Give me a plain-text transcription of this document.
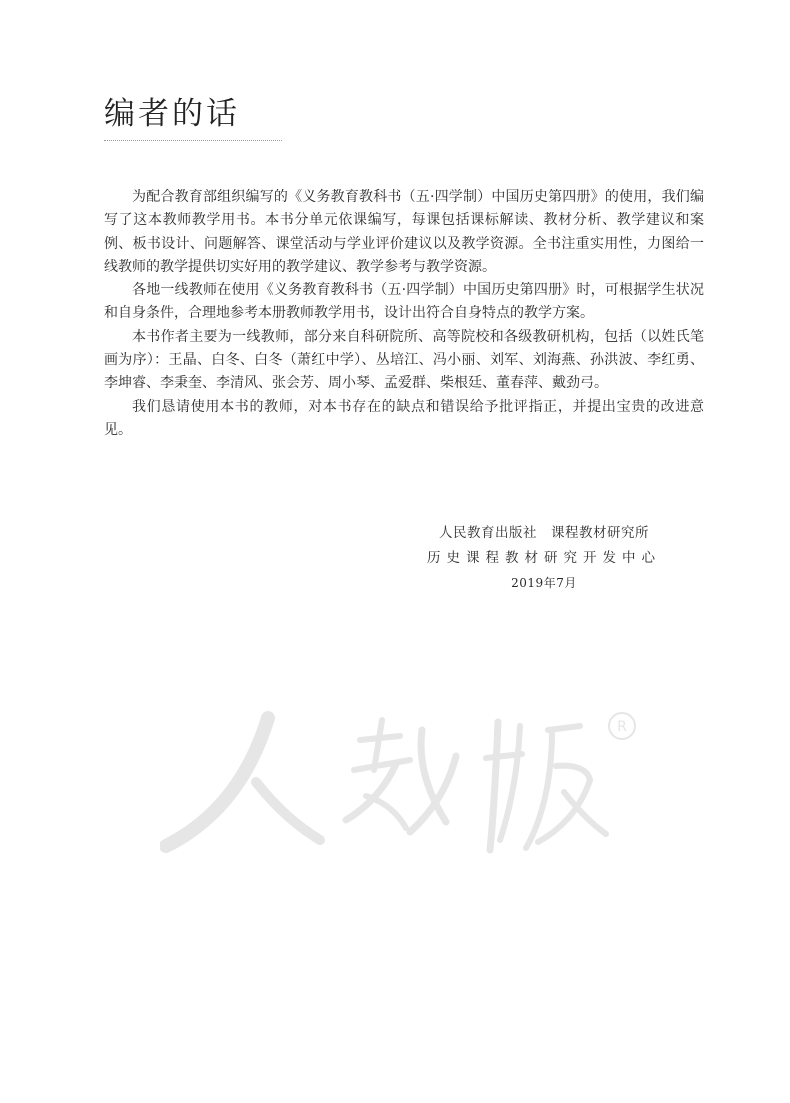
编者的话

为配合教育部组织编写的《义务教育教科书（五·四学制）中国历史第四册》的使用，我们编写了这本教师教学用书。本书分单元依课编写，每课包括课标解读、教材分析、教学建议和案例、板书设计、问题解答、课堂活动与学业评价建议以及教学资源。全书注重实用性，力图给一线教师的教学提供切实好用的教学建议、教学参考与教学资源。

各地一线教师在使用《义务教育教科书（五·四学制）中国历史第四册》时，可根据学生状况和自身条件，合理地参考本册教师教学用书，设计出符合自身特点的教学方案。

本书作者主要为一线教师，部分来自科研院所、高等院校和各级教研机构，包括（以姓氏笔画为序）：王晶、白冬、白冬（萧红中学）、丛培江、冯小丽、刘军、刘海燕、孙洪波、李红勇、李坤睿、李秉奎、李清风、张会芳、周小琴、孟爱群、柴根廷、董春萍、戴劲弓。

我们恳请使用本书的教师，对本书存在的缺点和错误给予批评指正，并提出宝贵的改进意见。

人民教育出版社　课程教材研究所
历史课程教材研究开发中心
2019年7月
R
